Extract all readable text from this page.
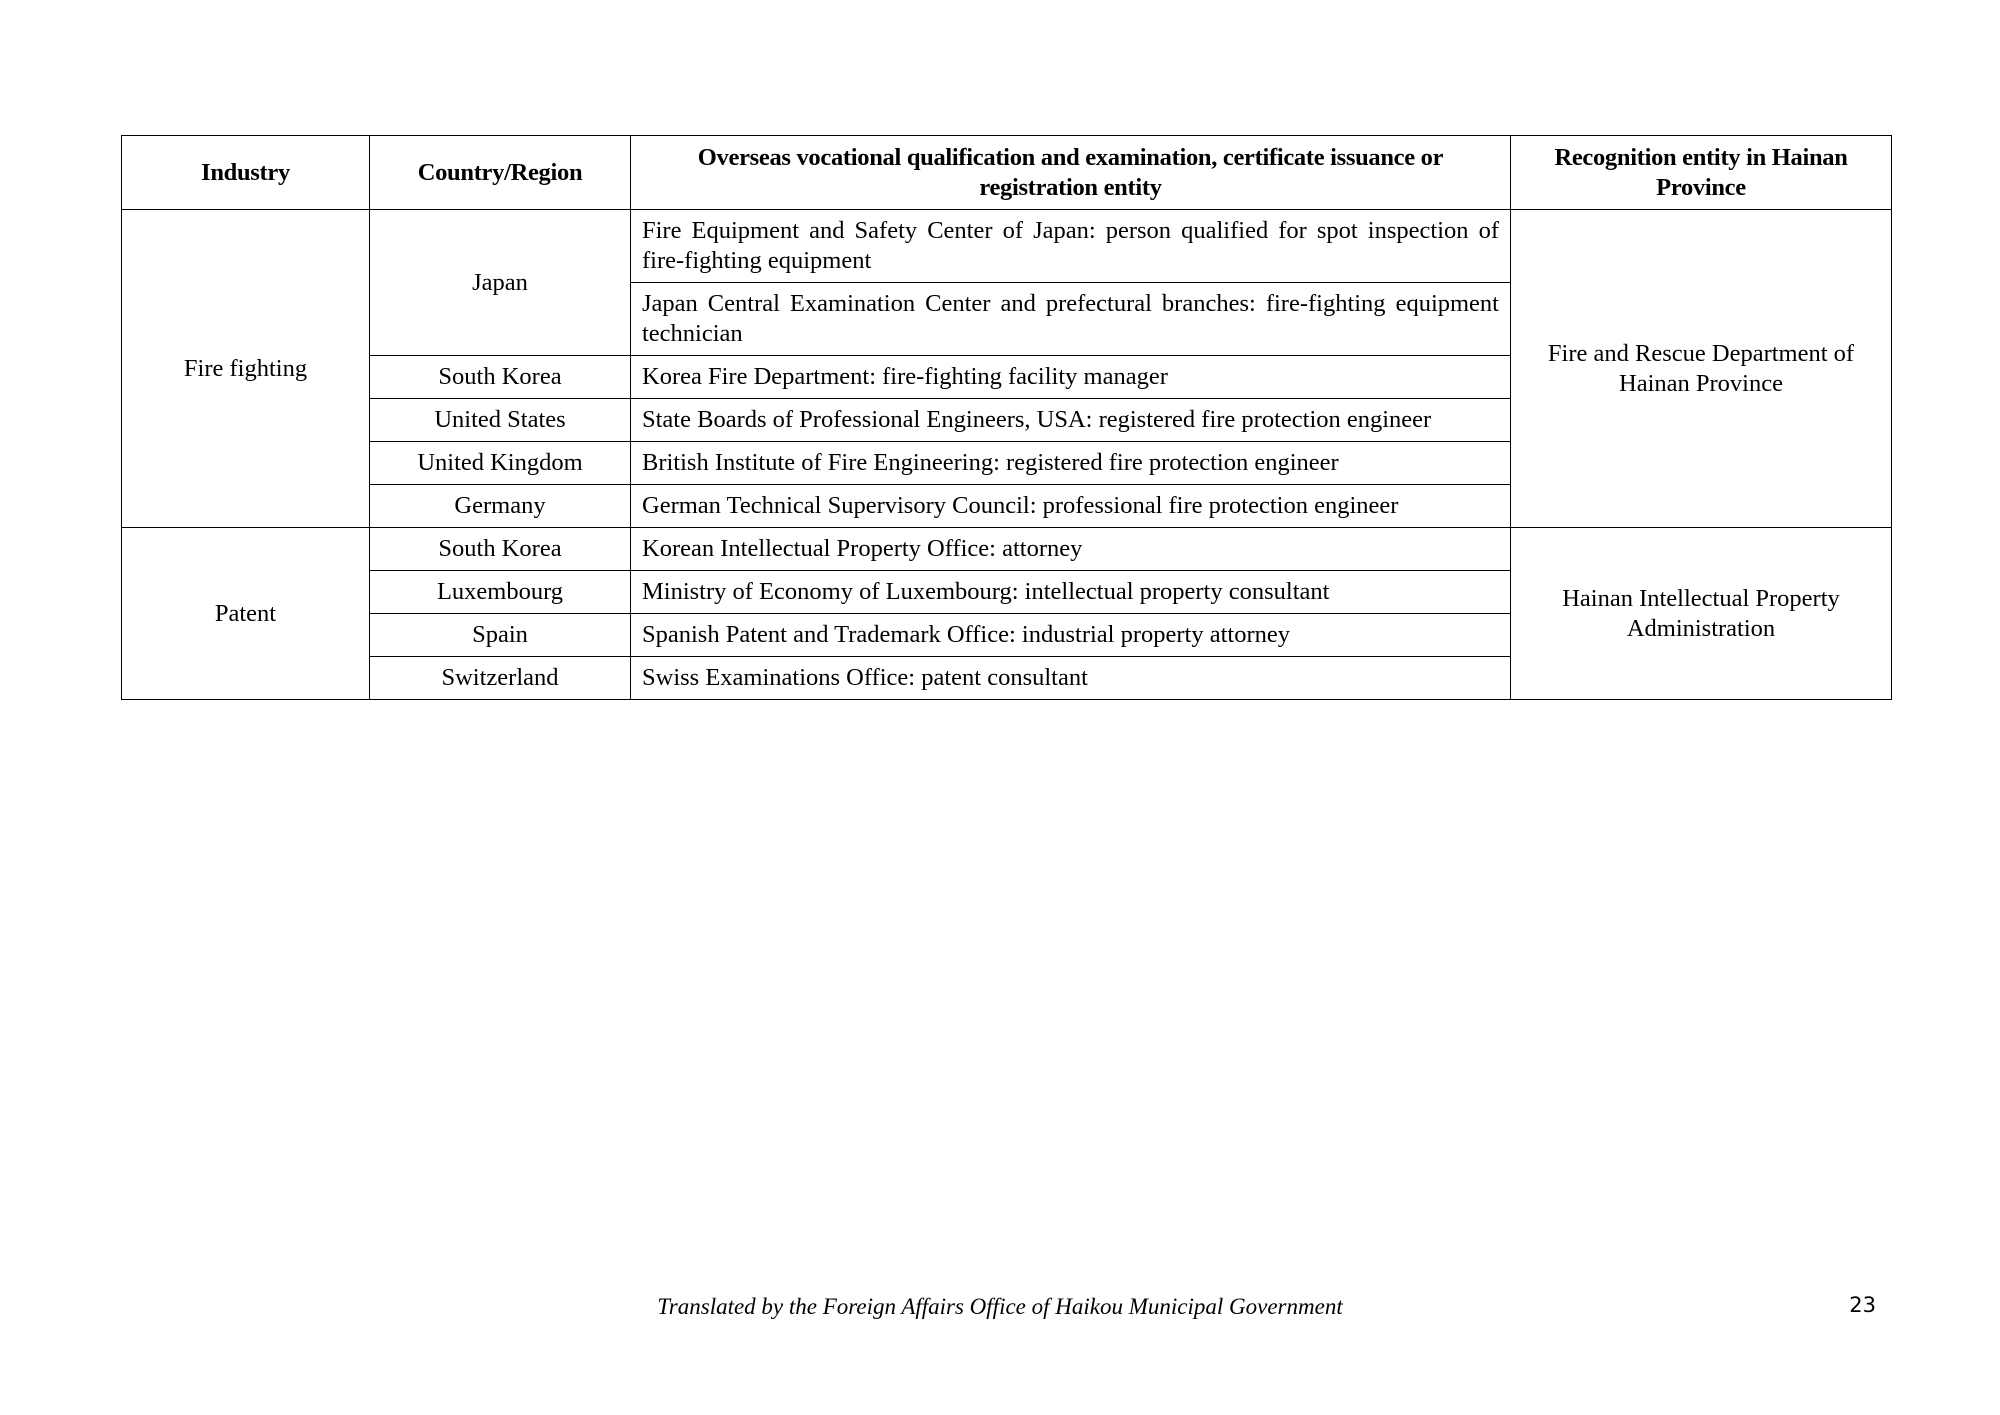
Industry	Country/Region	Overseas vocational qualification and examination, certificate issuance or registration entity	Recognition entity in Hainan Province
Fire fighting	Japan	Fire Equipment and Safety Center of Japan: person qualified for spot inspection of fire-fighting equipment	Fire and Rescue Department of Hainan Province
		Japan Central Examination Center and prefectural branches: fire-fighting equipment technician	
	South Korea	Korea Fire Department: fire-fighting facility manager	
	United States	State Boards of Professional Engineers, USA: registered fire protection engineer	
	United Kingdom	British Institute of Fire Engineering: registered fire protection engineer	
	Germany	German Technical Supervisory Council: professional fire protection engineer	
Patent	South Korea	Korean Intellectual Property Office: attorney	Hainan Intellectual Property Administration
	Luxembourg	Ministry of Economy of Luxembourg: intellectual property consultant	
	Spain	Spanish Patent and Trademark Office: industrial property attorney	
	Switzerland	Swiss Examinations Office: patent consultant	
Translated by the Foreign Affairs Office of Haikou Municipal Government	23
